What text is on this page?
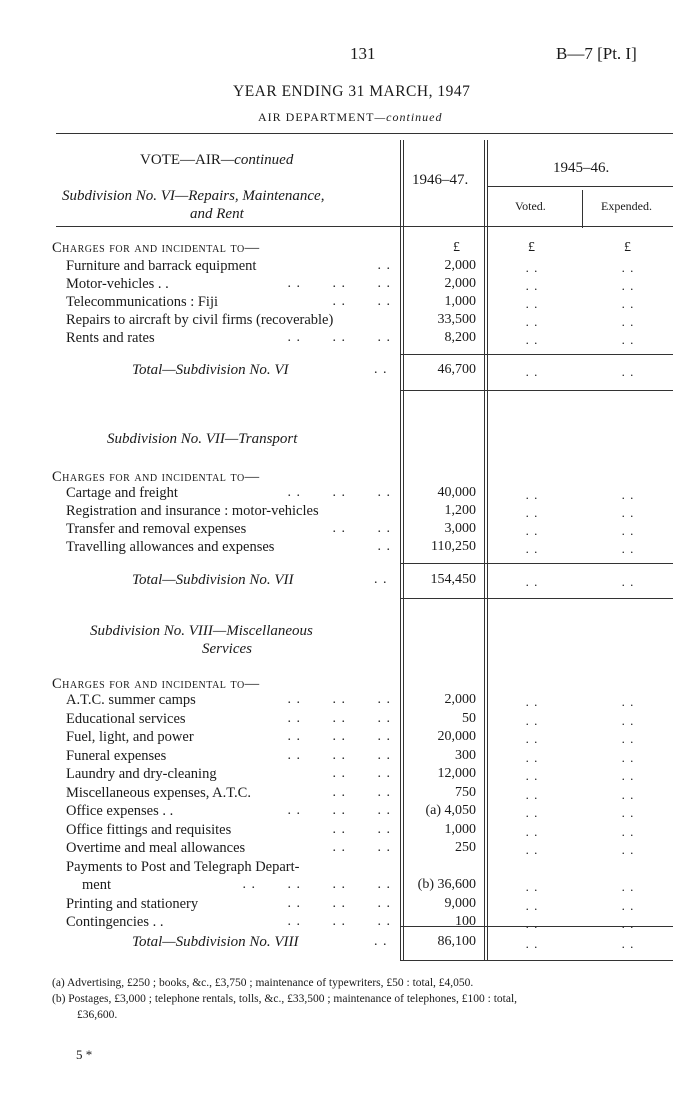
131	B—7 [Pt. I]
YEAR ENDING 31 MARCH, 1947
AIR DEPARTMENT—continued
VOTE—AIR—continued
1946–47.
1945–46.
Voted.	Expended.
Subdivision No. VI—Repairs, Maintenance,
and Rent
Charges for and incidental to—	£	£	£
Furniture and barrack equipment	. .	2,000	. .	. .
Motor-vehicles . .	. .       . .       . .	2,000	. .	. .
Telecommunications : Fiji	. .       . .	1,000	. .	. .
Repairs to aircraft by civil firms (recoverable)	33,500	. .	. .
Rents and rates	. .       . .       . .	8,200	. .	. .
Total—Subdivision No. VI	. .	46,700	. .	. .
Subdivision No. VII—Transport
Charges for and incidental to—
Cartage and freight	. .       . .       . .	40,000	. .	. .
Registration and insurance : motor-vehicles	1,200	. .	. .
Transfer and removal expenses	. .       . .	3,000	. .	. .
Travelling allowances and expenses	. .	110,250	. .	. .
Total—Subdivision No. VII	. .	154,450	. .	. .
Subdivision No. VIII—Miscellaneous
Services
Charges for and incidental to—
A.T.C. summer camps	. .       . .       . .	2,000	. .	. .
Educational services	. .       . .       . .	50	. .	. .
Fuel, light, and power	. .       . .       . .	20,000	. .	. .
Funeral expenses	. .       . .       . .	300	. .	. .
Laundry and dry-cleaning	. .       . .	12,000	. .	. .
Miscellaneous expenses, A.T.C.	. .       . .	750	. .	. .
Office expenses . .	. .       . .       . .	(a) 4,050	. .	. .
Office fittings and requisites	. .       . .	1,000	. .	. .
Overtime and meal allowances	. .       . .	250	. .	. .
Payments to Post and Telegraph Depart-
ment	. .       . .       . .       . .	(b) 36,600	. .	. .
Printing and stationery	. .       . .       . .	9,000	. .	. .
Contingencies . .	. .       . .       . .	100	. .	. .
Total—Subdivision No. VIII	. .	86,100	. .	. .
(a) Advertising, £250 ; books, &c., £3,750 ; maintenance of typewriters, £50 : total, £4,050.
(b) Postages, £3,000 ; telephone rentals, tolls, &c., £33,500 ; maintenance of telephones, £100 : total,
£36,600.
5 *
